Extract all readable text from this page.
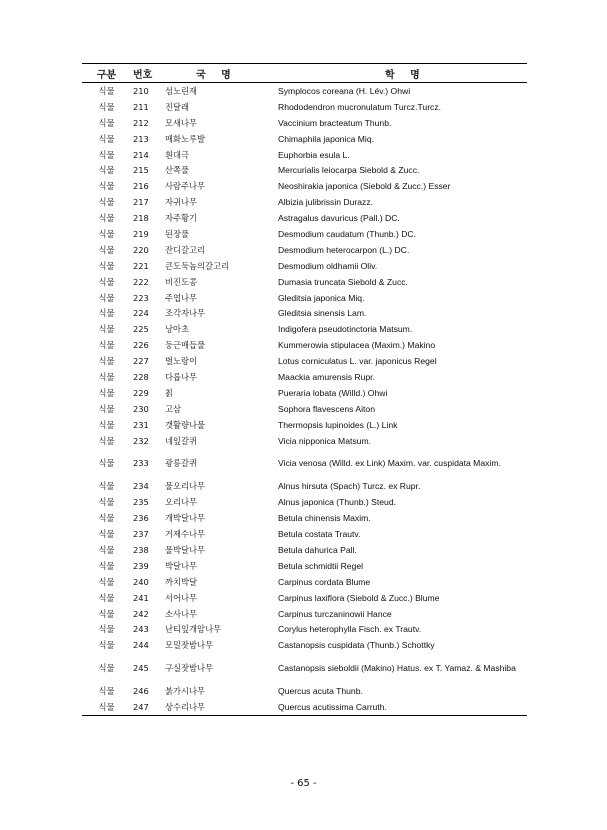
구분	번호	국 명	학 명
식물	210	섬노린재	Symplocos coreana (H. Lév.) Ohwi
식물	211	진달래	Rhododendron mucronulatum Turcz.Turcz.
식물	212	모새나무	Vaccinium bracteatum Thunb.
식물	213	매화노루발	Chimaphila japonica Miq.
식물	214	흰대극	Euphorbia esula L.
식물	215	산쪽풀	Mercurialis leiocarpa Siebold & Zucc.
식물	216	사람주나무	Neoshirakia japonica (Siebold & Zucc.) Esser
식물	217	자귀나무	Albizia julibrissin Durazz.
식물	218	자주황기	Astragalus davuricus (Pall.) DC.
식물	219	된장풀	Desmodium caudatum (Thunb.) DC.
식물	220	잔디갈고리	Desmodium heterocarpon (L.) DC.
식물	221	큰도둑놈의갈고리	Desmodium oldhamii Oliv.
식물	222	비진도콩	Dumasia truncata Siebold & Zucc.
식물	223	주엽나무	Gleditsia japonica Miq.
식물	224	조각자나무	Gleditsia sinensis Lam.
식물	225	낭아초	Indigofera pseudotinctoria Matsum.
식물	226	둥근매듭풀	Kummerowia stipulacea (Maxim.) Makino
식물	227	벌노랑이	Lotus corniculatus L. var. japonicus Regel
식물	228	다릅나무	Maackia amurensis Rupr.
식물	229	칡	Pueraria lobata (Willd.) Ohwi
식물	230	고삼	Sophora flavescens Aiton
식물	231	갯활량나물	Thermopsis lupinoides (L.) Link
식물	232	네잎갈퀴	Vicia nipponica Matsum.
식물	233	광릉갈퀴	Vicia venosa (Willd. ex Link) Maxim. var. cuspidata Maxim.
식물	234	물오리나무	Alnus hirsuta (Spach) Turcz. ex Rupr.
식물	235	오리나무	Alnus japonica (Thunb.) Steud.
식물	236	개박달나무	Betula chinensis Maxim.
식물	237	거제수나무	Betula costata Trautv.
식물	238	물박달나무	Betula dahurica Pall.
식물	239	박달나무	Betula schmidtii Regel
식물	240	까치박달	Carpinus cordata Blume
식물	241	서어나무	Carpinus laxiflora (Siebold & Zucc.) Blume
식물	242	소사나무	Carpinus turczaninowii Hance
식물	243	난티잎개암나무	Corylus heterophylla Fisch. ex Trautv.
식물	244	모밀잣밤나무	Castanopsis cuspidata (Thunb.) Schottky
식물	245	구실잣밤나무	Castanopsis sieboldii (Makino) Hatus. ex T. Yamaz. & Mashiba
식물	246	붉가시나무	Quercus acuta Thunb.
식물	247	상수리나무	Quercus acutissima Carruth.
- 65 -
